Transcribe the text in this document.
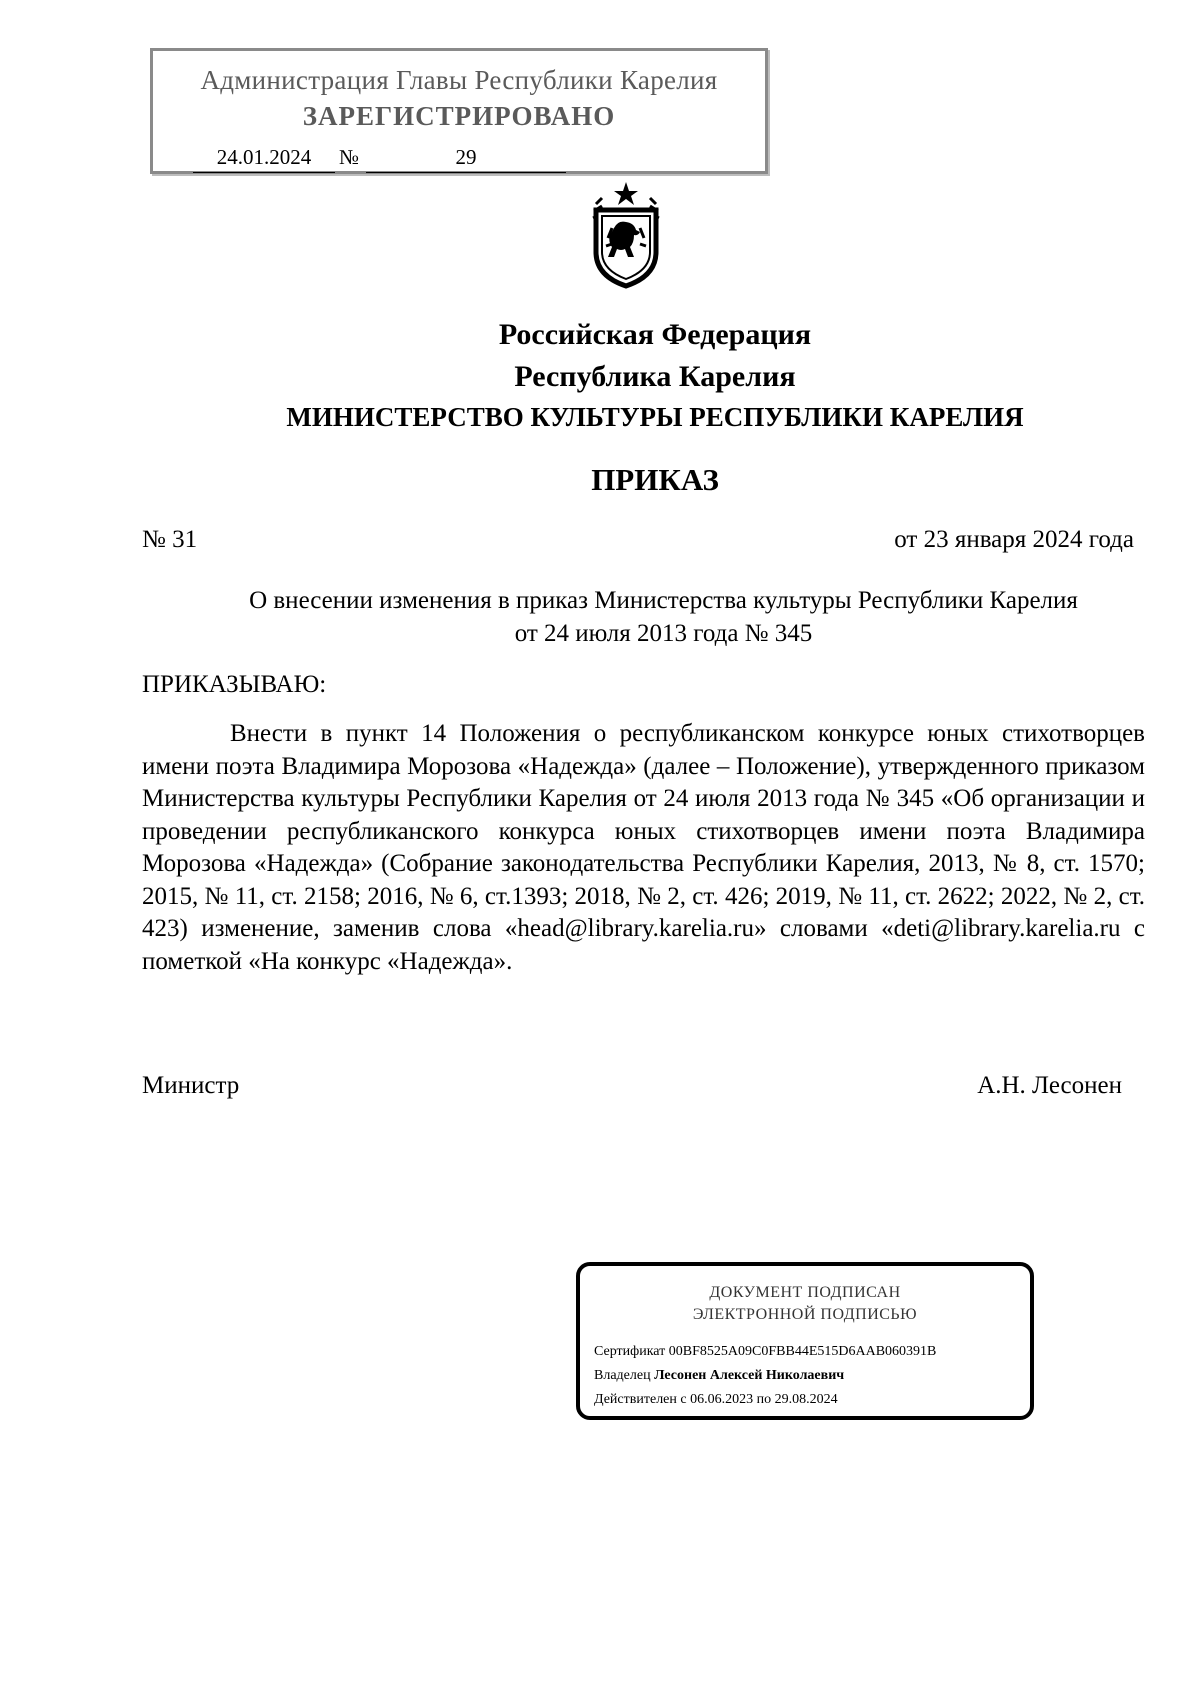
Администрация Главы Республики Карелия
ЗАРЕГИСТРИРОВАНО
24.01.2024	№	29
Российская Федерация
Республика Карелия
МИНИСТЕРСТВО КУЛЬТУРЫ РЕСПУБЛИКИ КАРЕЛИЯ
ПРИКАЗ
№ 31	от 23 января 2024 года
О внесении изменения в приказ Министерства культуры Республики Карелия
от 24 июля 2013 года № 345
ПРИКАЗЫВАЮ:

Внести в пункт 14 Положения о республиканском конкурсе юных стихотворцев имени поэта Владимира Морозова «Надежда» (далее – Положение), утвержденного приказом Министерства культуры Республики Карелия от 24 июля 2013 года № 345 «Об организации и проведении республиканского конкурса юных стихотворцев имени поэта Владимира Морозова «Надежда» (Собрание законодательства Республики Карелия, 2013, № 8, ст. 1570; 2015, № 11, ст. 2158; 2016, № 6, ст.1393; 2018, № 2, ст. 426; 2019, № 11, ст. 2622; 2022, № 2, ст. 423) изменение, заменив слова «head@library.karelia.ru» словами «deti@library.karelia.ru с пометкой «На конкурс «Надежда».

Министр	А.Н. Лесонен
ДОКУМЕНТ ПОДПИСАН
ЭЛЕКТРОННОЙ ПОДПИСЬЮ
Сертификат 00BF8525A09C0FBB44E515D6AAB060391B
Владелец Лесонен Алексей Николаевич
Действителен с 06.06.2023 по 29.08.2024
